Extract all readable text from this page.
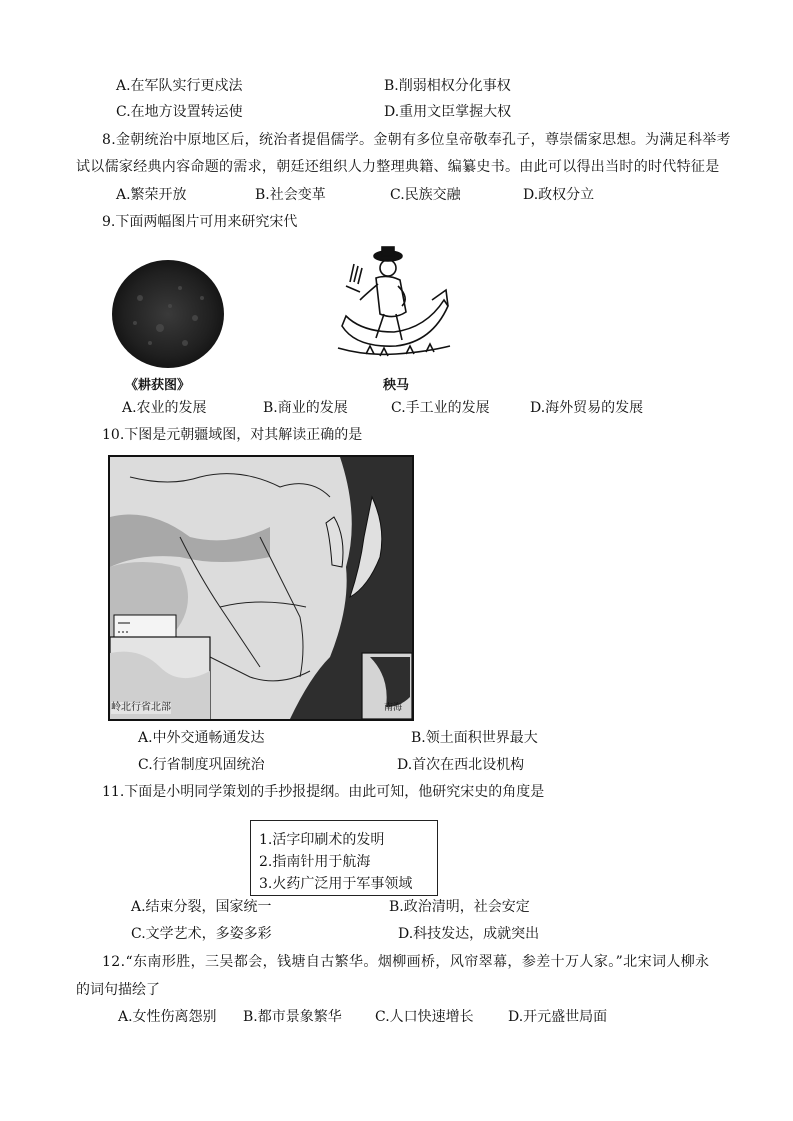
A.在军队实行更戍法	B.削弱相权分化事权
C.在地方设置转运使	D.重用文臣掌握大权
8.金朝统治中原地区后，统治者提倡儒学。金朝有多位皇帝敬奉孔子，尊崇儒家思想。为满足科举考
试以儒家经典内容命题的需求，朝廷还组织人力整理典籍、编纂史书。由此可以得出当时的时代特征是
A.繁荣开放	B.社会变革	C.民族交融	D.政权分立
9.下面两幅图片可用来研究宋代
《耕获图》	秧马
A.农业的发展	B.商业的发展	C.手工业的发展	D.海外贸易的发展
10.下图是元朝疆域图，对其解读正确的是
岭北行省北部	南海
A.中外交通畅通发达	B.领土面积世界最大
C.行省制度巩固统治	D.首次在西北设机构
11.下面是小明同学策划的手抄报提纲。由此可知，他研究宋史的角度是
1.活字印刷术的发明
2.指南针用于航海
3.火药广泛用于军事领域
A.结束分裂，国家统一	B.政治清明，社会安定
C.文学艺术，多姿多彩	D.科技发达，成就突出
12.“东南形胜，三吴都会，钱塘自古繁华。烟柳画桥，风帘翠幕，参差十万人家。”北宋词人柳永
的词句描绘了
A.女性伤离怨别 B.都市景象繁华 C.人口快速增长 D.开元盛世局面
